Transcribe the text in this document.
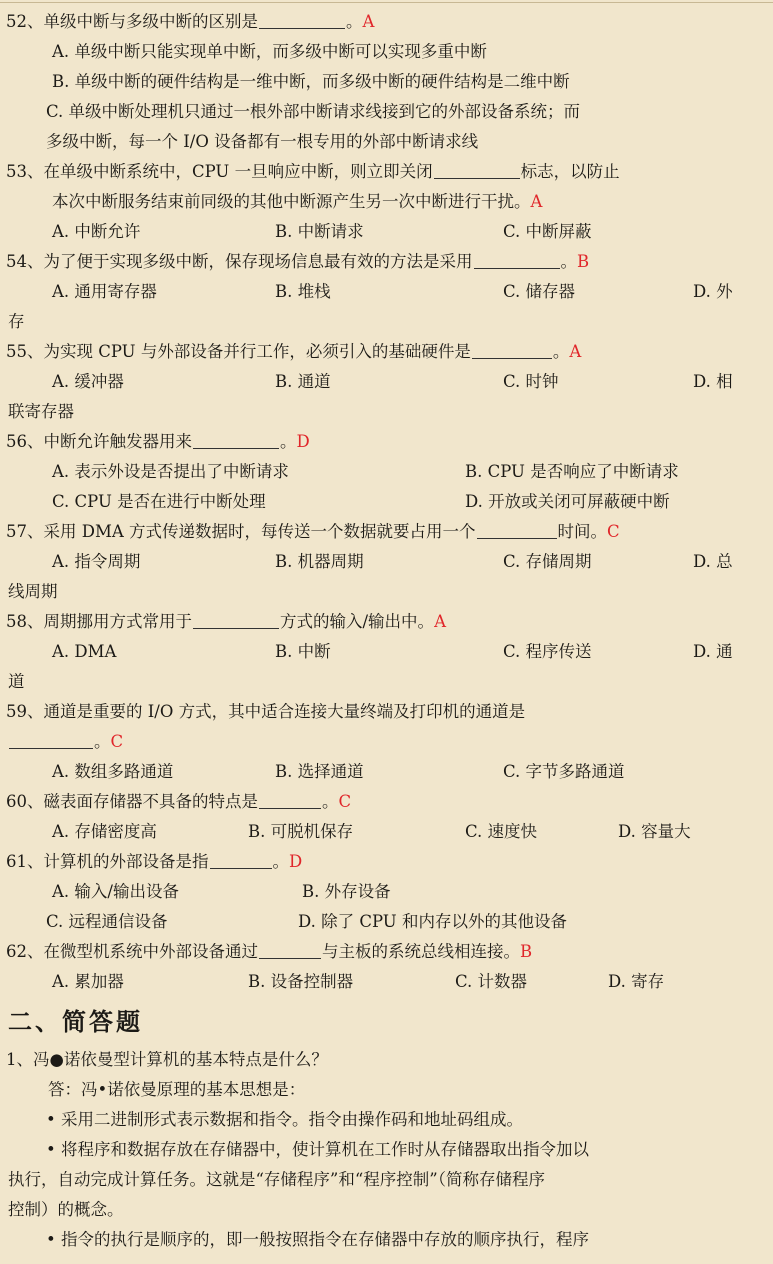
52、单级中断与多级中断的区别是	。A
A. 单级中断只能实现单中断，而多级中断可以实现多重中断
B. 单级中断的硬件结构是一维中断，而多级中断的硬件结构是二维中断
C. 单级中断处理机只通过一根外部中断请求线接到它的外部设备系统；而
多级中断，每一个 I/O 设备都有一根专用的外部中断请求线
53、在单级中断系统中，CPU 一旦响应中断，则立即关闭	标志，以防止
本次中断服务结束前同级的其他中断源产生另一次中断进行干扰。A
A. 中断允许	B. 中断请求	C. 中断屏蔽
54、为了便于实现多级中断，保存现场信息最有效的方法是采用	。B
A. 通用寄存器	B. 堆栈	C. 储存器	D. 外
存
55、为实现 CPU 与外部设备并行工作，必须引入的基础硬件是	。A
A. 缓冲器	B. 通道	C. 时钟	D. 相
联寄存器
56、中断允许触发器用来	。D
A. 表示外设是否提出了中断请求	B. CPU 是否响应了中断请求
C. CPU 是否在进行中断处理	D. 开放或关闭可屏蔽硬中断
57、采用 DMA 方式传递数据时，每传送一个数据就要占用一个	时间。C
A. 指令周期	B. 机器周期	C. 存储周期	D. 总
线周期
58、周期挪用方式常用于	方式的输入/输出中。A
A. DMA	B. 中断	C. 程序传送	D. 通
道
59、通道是重要的 I/O 方式，其中适合连接大量终端及打印机的通道是
。C
A. 数组多路通道	B. 选择通道	C. 字节多路通道
60、磁表面存储器不具备的特点是	。C
A. 存储密度高	B. 可脱机保存	C. 速度快	D. 容量大
61、计算机的外部设备是指	。D
A. 输入/输出设备	B. 外存设备
C. 远程通信设备	D. 除了 CPU 和内存以外的其他设备
62、在微型机系统中外部设备通过	与主板的系统总线相连接。B
A. 累加器	B. 设备控制器	C. 计数器	D. 寄存
二、简答题
1、冯●诺依曼型计算机的基本特点是什么？
答：冯•诺依曼原理的基本思想是：
• 采用二进制形式表示数据和指令。指令由操作码和地址码组成。
• 将程序和数据存放在存储器中，使计算机在工作时从存储器取出指令加以
执行，自动完成计算任务。这就是“存储程序”和“程序控制”（简称存储程序
控制）的概念。
• 指令的执行是顺序的，即一般按照指令在存储器中存放的顺序执行，程序
